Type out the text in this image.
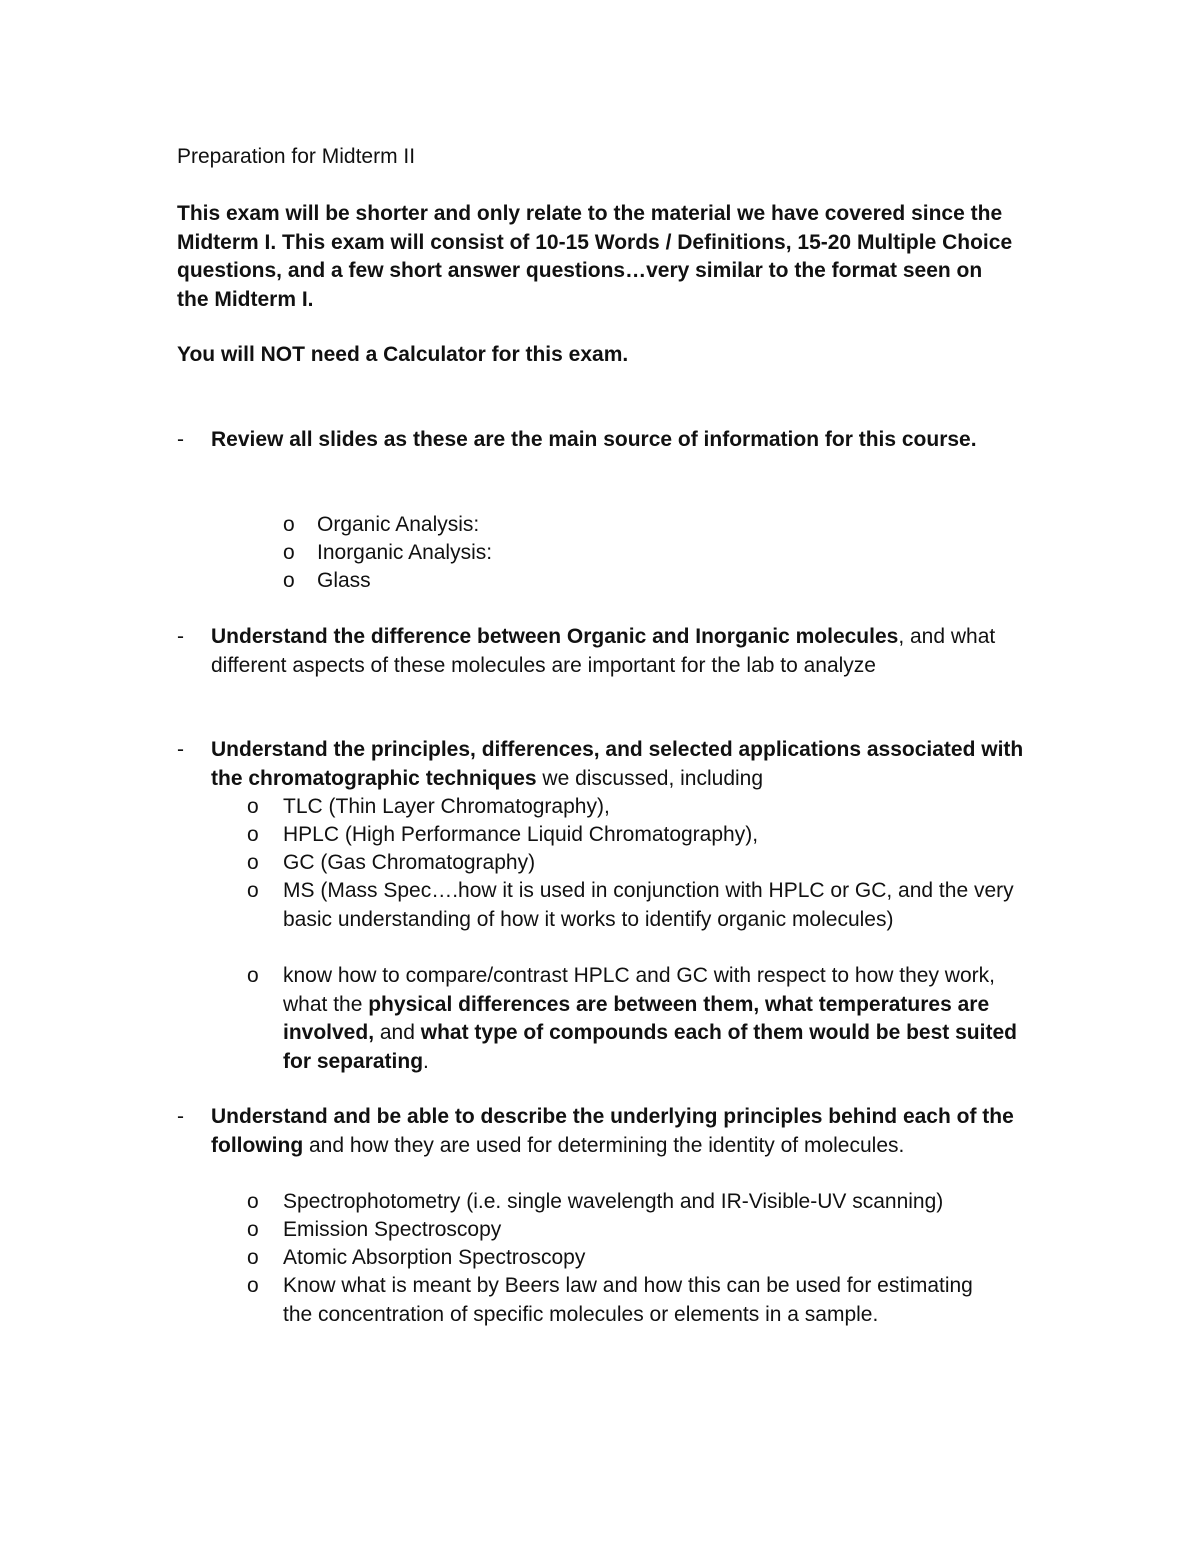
Preparation for Midterm II

This exam will be shorter and only relate to the material we have covered since the Midterm I. This exam will consist of 10-15 Words / Definitions, 15-20 Multiple Choice questions, and a few short answer questions…very similar to the format seen on the Midterm I.

You will NOT need a Calculator for this exam.

- Review all slides as these are the main source of information for this course.

o Organic Analysis:
o Inorganic Analysis:
o Glass
- Understand the difference between Organic and Inorganic molecules, and what different aspects of these molecules are important for the lab to analyze

- Understand the principles, differences, and selected applications associated with the chromatographic techniques we discussed, including

o TLC (Thin Layer Chromatography),
o HPLC (High Performance Liquid Chromatography),
o GC (Gas Chromatography)
o MS (Mass Spec….how it is used in conjunction with HPLC or GC, and the very basic understanding of how it works to identify organic molecules)
o know how to compare/contrast HPLC and GC with respect to how they work, what the physical differences are between them, what temperatures are involved, and what type of compounds each of them would be best suited for separating.
- Understand and be able to describe the underlying principles behind each of the following and how they are used for determining the identity of molecules.

o Spectrophotometry (i.e. single wavelength and IR-Visible-UV scanning)
o Emission Spectroscopy
o Atomic Absorption Spectroscopy
o Know what is meant by Beers law and how this can be used for estimating the concentration of specific molecules or elements in a sample.
